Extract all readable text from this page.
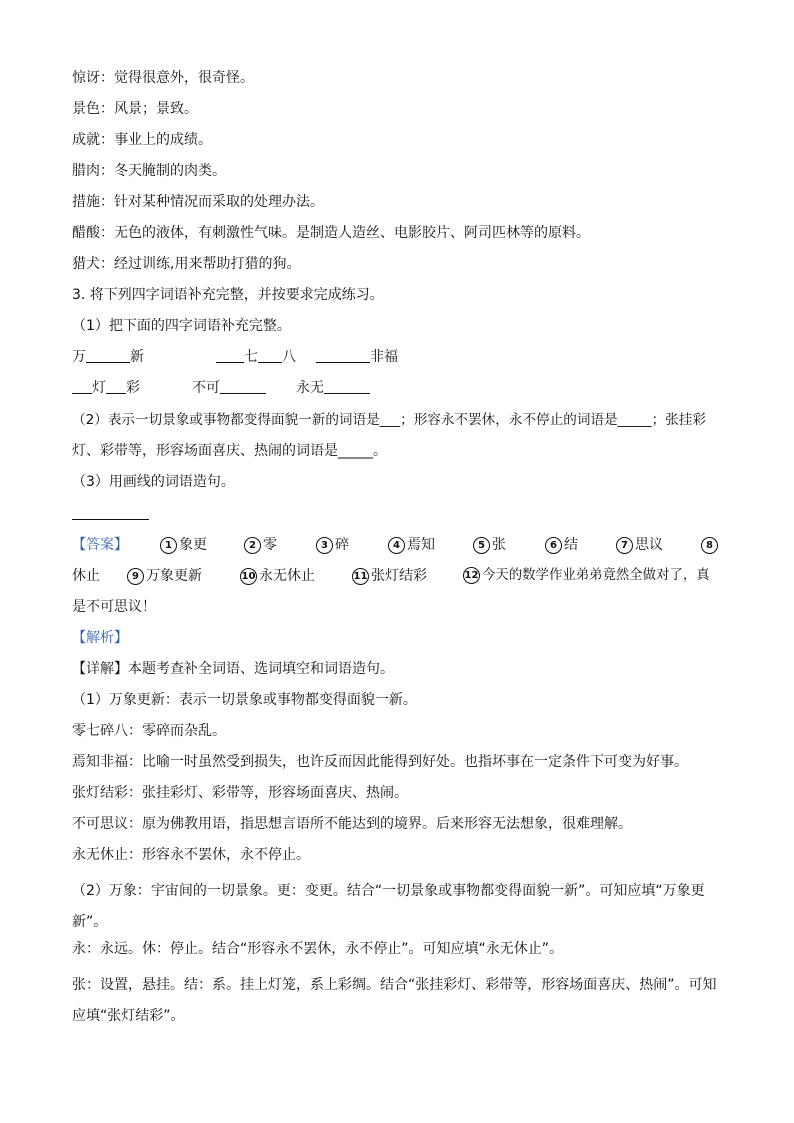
惊讶：觉得很意外，很奇怪。
景色：风景；景致。
成就：事业上的成绩。
腊肉：冬天腌制的肉类。
措施：针对某种情况而采取的处理办法。
醋酸：无色的液体，有刺激性气味。是制造人造丝、电影胶片、阿司匹林等的原料。
猎犬：经过训练,用来帮助打猎的狗。
3. 将下列四字词语补充完整，并按要求完成练习。
（1）把下面的四字词语补充完整。
万	新	七 八	非福
灯 彩	不可	永无
（2）表示一切景象或事物都变得面貌一新的词语是___；形容永不罢休，永不停止的词语是_____；张挂彩
灯、彩带等，形容场面喜庆、热闹的词语是_____。
（3）用画线的词语造句。
【答案】	1 象更	2 零	3 碎	4 焉知	5 张	6 结	7 思议	8
休止	9 万象更新	10 永无休止	11 张灯结彩	12 今天的数学作业弟弟竟然全做对了，真
是不可思议！
【解析】
【详解】本题考查补全词语、选词填空和词语造句。
（1）万象更新：表示一切景象或事物都变得面貌一新。
零七碎八：零碎而杂乱。
焉知非福：比喻一时虽然受到损失，也许反而因此能得到好处。也指坏事在一定条件下可变为好事。
张灯结彩：张挂彩灯、彩带等，形容场面喜庆、热闹。
不可思议：原为佛教用语，指思想言语所不能达到的境界。后来形容无法想象，很难理解。
永无休止：形容永不罢休，永不停止。
（2）万象：宇宙间的一切景象。更：变更。结合“一切景象或事物都变得面貌一新”。可知应填“万象更新”。
永：永远。休：停止。结合“形容永不罢休，永不停止”。可知应填“永无休止”。
张：设置，悬挂。结：系。挂上灯笼，系上彩绸。结合“张挂彩灯、彩带等，形容场面喜庆、热闹”。可知应填“张灯结彩”。
